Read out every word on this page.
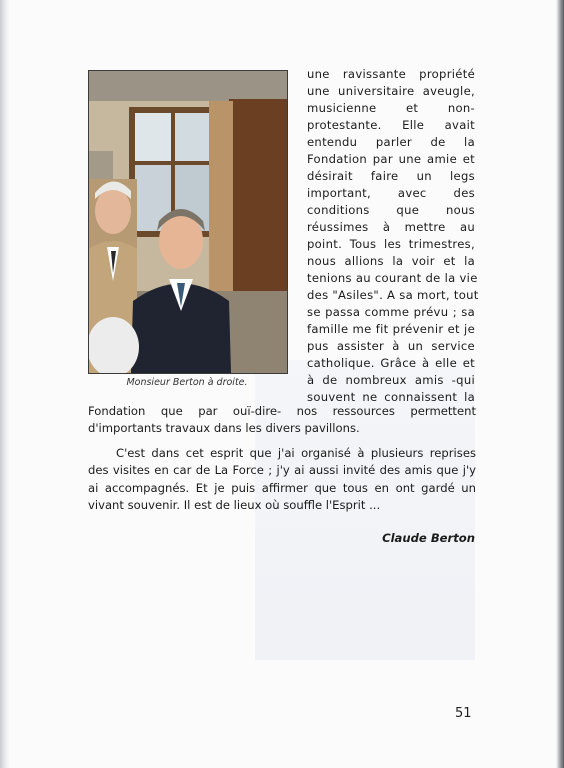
Monsieur Berton à droite.
une ravissante propriété
une universitaire aveugle,
musicienne et non-
protestante. Elle avait
entendu parler de la
Fondation par une amie et
désirait faire un legs
important, avec des
conditions que nous
réussimes à mettre au
point. Tous les trimestres,
nous allions la voir et la
tenions au courant de la vie
des "Asiles". A sa mort, tout
se passa comme prévu ; sa
famille me fit prévenir et je
pus assister à un service
catholique. Grâce à elle et
à de nombreux amis -qui
souvent ne connaissent la
Fondation que par ouï-dire- nos ressources permettent
d'importants travaux dans les divers pavillons.
C'est dans cet esprit que j'ai organisé à plusieurs reprises
des visites en car de La Force ; j'y ai aussi invité des amis que j'y
ai accompagnés. Et je puis affirmer que tous en ont gardé un
vivant souvenir. Il est de lieux où souffle l'Esprit ...
Claude Berton
51
